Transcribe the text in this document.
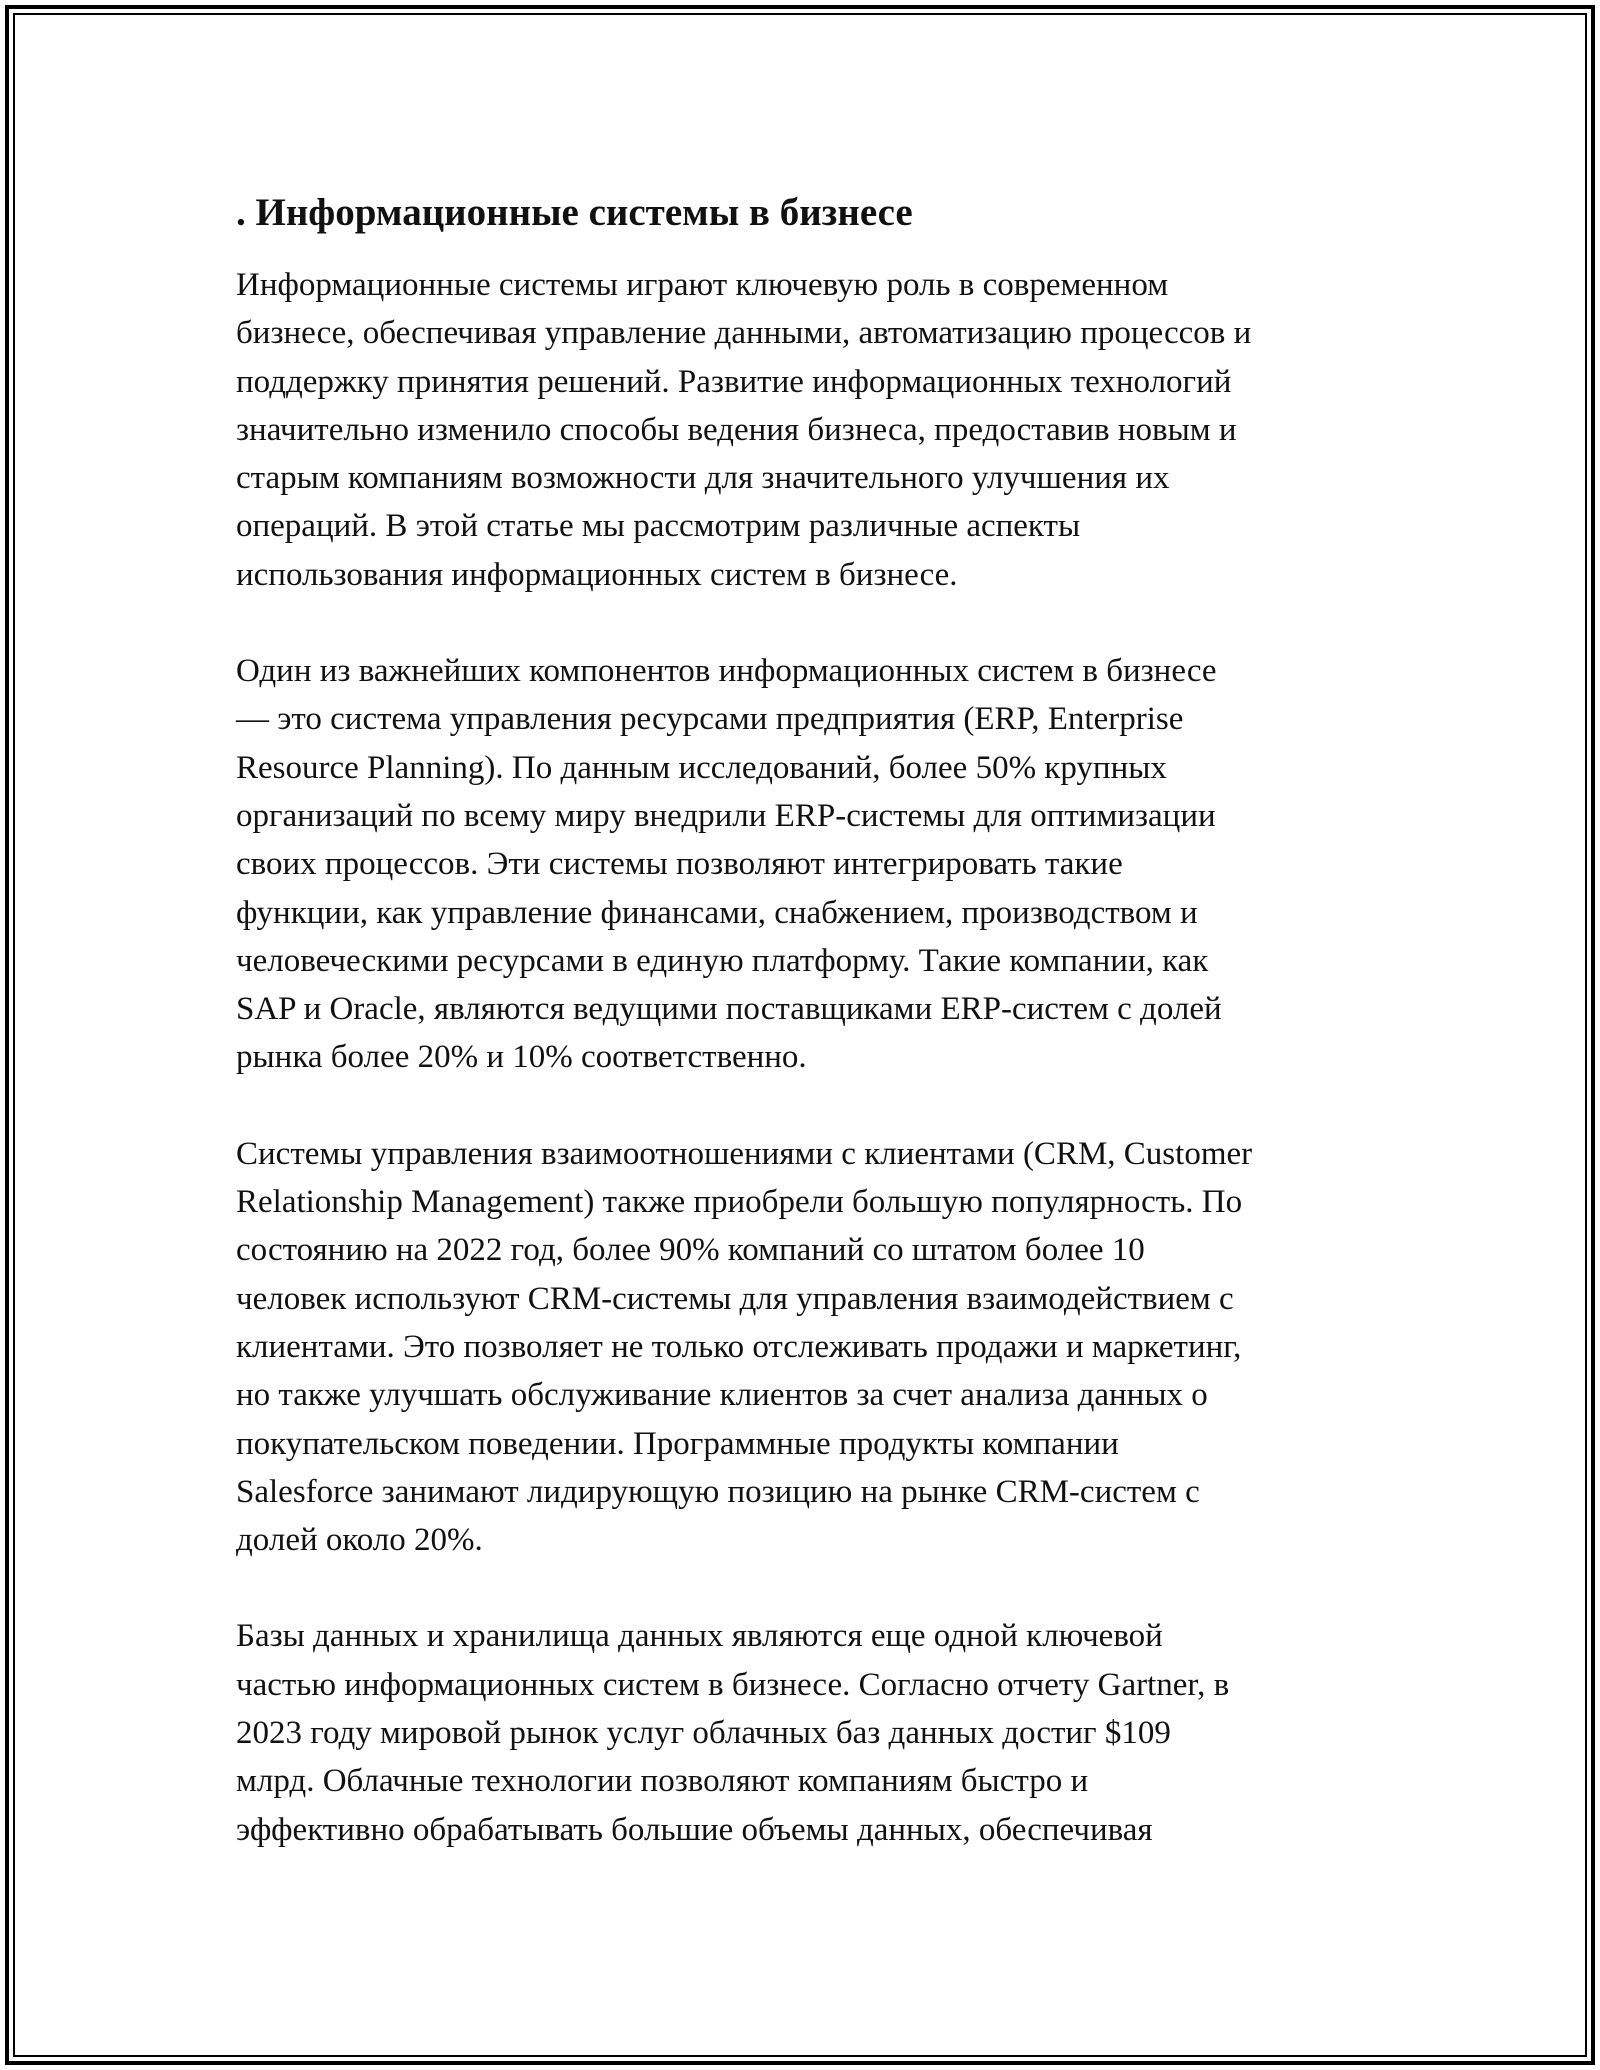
. Информационные системы в бизнесе

Информационные системы играют ключевую роль в современном
бизнесе, обеспечивая управление данными, автоматизацию процессов и
поддержку принятия решений. Развитие информационных технологий
значительно изменило способы ведения бизнеса, предоставив новым и
старым компаниям возможности для значительного улучшения их
операций. В этой статье мы рассмотрим различные аспекты
использования информационных систем в бизнесе.

Один из важнейших компонентов информационных систем в бизнесе
— это система управления ресурсами предприятия (ERP, Enterprise
Resource Planning). По данным исследований, более 50% крупных
организаций по всему миру внедрили ERP-системы для оптимизации
своих процессов. Эти системы позволяют интегрировать такие
функции, как управление финансами, снабжением, производством и
человеческими ресурсами в единую платформу. Такие компании, как
SAP и Oracle, являются ведущими поставщиками ERP-систем с долей
рынка более 20% и 10% соответственно.

Системы управления взаимоотношениями с клиентами (CRM, Customer
Relationship Management) также приобрели большую популярность. По
состоянию на 2022 год, более 90% компаний со штатом более 10
человек используют CRM-системы для управления взаимодействием с
клиентами. Это позволяет не только отслеживать продажи и маркетинг,
но также улучшать обслуживание клиентов за счет анализа данных о
покупательском поведении. Программные продукты компании
Salesforce занимают лидирующую позицию на рынке CRM-систем с
долей около 20%.

Базы данных и хранилища данных являются еще одной ключевой
частью информационных систем в бизнесе. Согласно отчету Gartner, в
2023 году мировой рынок услуг облачных баз данных достиг $109
млрд. Облачные технологии позволяют компаниям быстро и
эффективно обрабатывать большие объемы данных, обеспечивая
